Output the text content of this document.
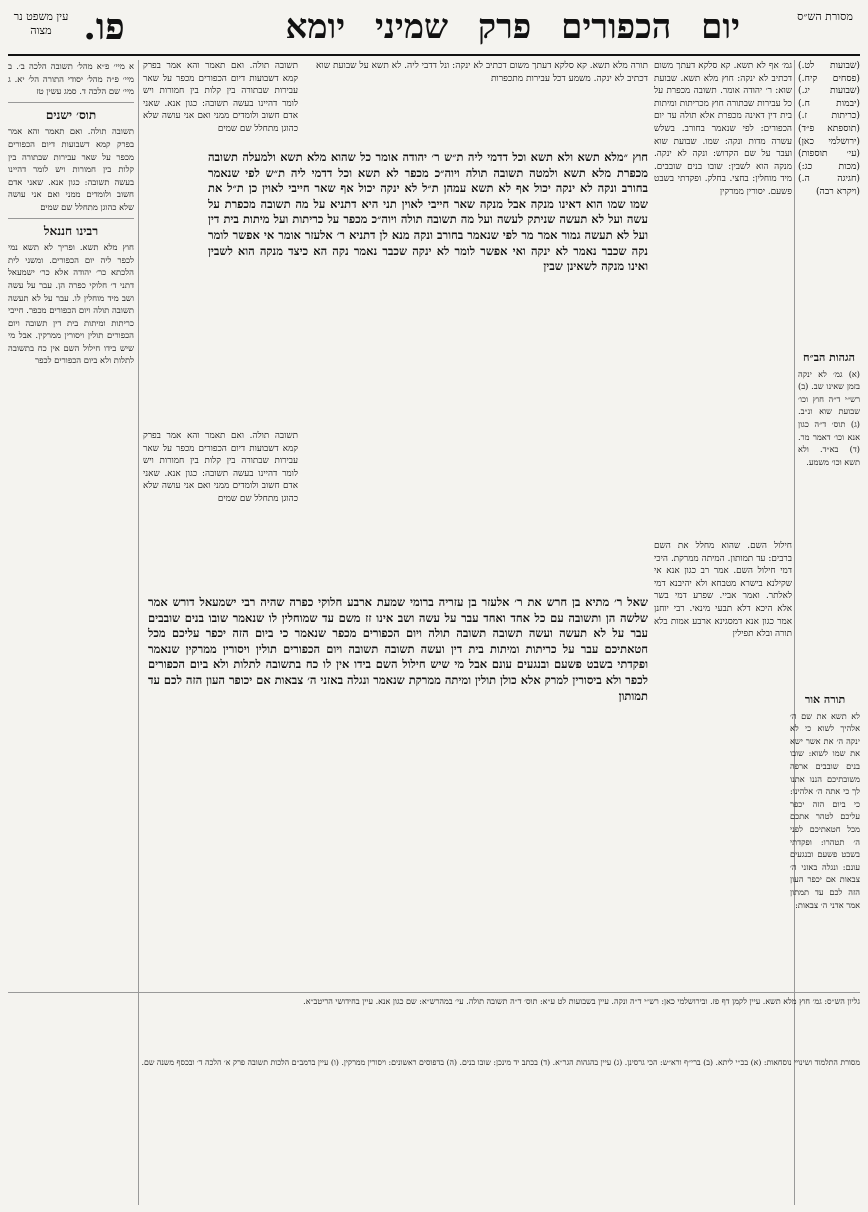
מסורת הש״ס
יום הכפורים פרק שמיני יומא
פו.
עין משפט נר מצוה
(שבועות לט.) (פסחים קיח.) (שבועות יג.) (יבמות ח.) (כריתות ז.) (תוספתא פ״ד) (ירושלמי כאן) (עי׳ תוספות) (מכות כג:) (חגיגה ה.) (ויקרא רבה)
הגהות הב״ח
(א) גמ׳ לא ינקה בזמן שאינו שב. (ב) רש״י ד״ה חוץ וכו׳ שבועת שוא ונ״ב. (ג) תוס׳ ד״ה כגון אנא וכו׳ דאמר מר. (ד) בא״ד. ולא תשא וכו׳ משמע.
תורה אור
לא תשא את שם ה׳ אלהיך לשוא כי לא ינקה ה׳ את אשר ישא את שמו לשוא: שובו בנים שובבים ארפה משובתיכם הננו אתנו לך כי אתה ה׳ אלהינו: כי ביום הזה יכפר עליכם לטהר אתכם מכל חטאתיכם לפני ה׳ תטהרו: ופקדתי בשבט פשעם ובנגעים עונם: ונגלה באזני ה׳ צבאות אם יכפר העון הזה לכם עד תמתון אמר אדני ה׳ צבאות:
גמ׳ אף לא תשא. קא סלקא דעתך משום דכתיב לא ינקה: חוץ מלא תשא. שבועת שוא: ר׳ יהודה אומר. תשובה מכפרת על כל עבירות שבתורה חוץ מכריתות ומיתות בית דין דאינה מכפרת אלא תולה עד יום הכפורים: לפי שנאמר בחורב. בשלש עשרה מדות ונקה: שמו. שבועת שוא ועבר על שם הקדוש: ונקה לא ינקה. מנקה הוא לשבין: שובו בנים שובבים. מיד מוחלין: בחצי. בחלק. ופקדתי בשבט פשעם. יסורין ממרקין
חילול השם. שהוא מחלל את השם ברבים: עד תמותון. המיתה ממרקת. היכי דמי חילול השם. אמר רב כגון אנא אי שקילנא בישרא מטבחא ולא יהיבנא דמי לאלתר. ואמר אביי. שפרע דמי בשר אלא היכא דלא תבעי מינאי. רבי יוחנן אמר כגון אנא דמסגינא ארבע אמות בלא תורה ובלא תפילין
תורה מלא תשא. קא סלקא דעתך משום דכתיב לא ינקה: ונל דדבי ליה. לא תשא על שבועת שוא דכתיב לא ינקה. משמע דכל עבירות מתכפרות
תשובה תולה. ואם תאמר והא אמר בפרק קמא דשבועות דיום הכפורים מכפר על שאר עבירות שבתורה בין קלות בין חמורות ויש לומר דהיינו בעשה תשובה: כגון אנא. שאני אדם חשוב ולומדים ממני ואם אני עושה שלא כהוגן מתחלל שם שמים
תשובה תולה. ואם תאמר והא אמר בפרק קמא דשבועות דיום הכפורים מכפר על שאר עבירות שבתורה בין קלות בין חמורות ויש לומר דהיינו בעשה תשובה: כגון אנא. שאני אדם חשוב ולומדים ממני ואם אני עושה שלא כהוגן מתחלל שם שמים
חוץ ״מלא תשא ולא תשא וכל דדמי ליה ת״ש ר׳ יהודה אומר כל שהוא מלא תשא ולמעלה תשובה מכפרת מלא תשא ולמטה תשובה תולה ויוה״כ מכפר לא תשא וכל דדמי ליה ת״ש לפי שנאמר בחורב ונקה לא ינקה יכול אף לא תשא עמהן ת״ל לא ינקה יכול אף שאר חייבי לאוין כן ת״ל את שמו שמו הוא דאינו מנקה אבל מנקה שאר חייבי לאוין תני היא דתניא על מה תשובה מכפרת על עשה ועל לא תעשה שניתק לעשה ועל מה תשובה תולה ויוה״כ מכפר על כריתות ועל מיתות בית דין ועל לא תעשה גמור אמר מר לפי שנאמר בחורב ונקה מנא לן דתניא ר׳ אלעזר אומר אי אפשר לומר נקה שכבר נאמר לא ינקה ואי אפשר לומר לא ינקה שכבר נאמר נקה הא כיצד מנקה הוא לשבין ואינו מנקה לשאינן שבין
שאל ר׳ מתיא בן חרש את ר׳ אלעזר בן עזריה ברומי שמעת ארבע חלוקי כפרה שהיה רבי ישמעאל דורש אמר שלשה הן ותשובה עם כל אחד ואחד עבר על עשה ושב אינו זז משם עד שמוחלין לו שנאמר שובו בנים שובבים עבר על לא תעשה ועשה תשובה תשובה תולה ויום הכפורים מכפר שנאמר כי ביום הזה יכפר עליכם מכל חטאתיכם עבר על כריתות ומיתות בית דין ועשה תשובה תשובה ויום הכפורים תולין ויסורין ממרקין שנאמר ופקדתי בשבט פשעם ובנגעים עונם אבל מי שיש חילול השם בידו אין לו כח בתשובה לתלות ולא ביום הכפורים לכפר ולא ביסורין למרק אלא כולן תולין ומיתה ממרקת שנאמר ונגלה באזני ה׳ צבאות אם יכופר העון הזה לכם עד תמותון
א מיי׳ פ״א מהל׳ תשובה הלכה ב׳. ב מיי׳ פ״ה מהל׳ יסודי התורה הל׳ יא. ג מיי׳ שם הלכה ד. סמג עשין טז
תוס׳ ישנים
תשובה תולה. ואם תאמר והא אמר בפרק קמא דשבועות דיום הכפורים מכפר על שאר עבירות שבתורה בין קלות בין חמורות ויש לומר דהיינו בעשה תשובה: כגון אנא. שאני אדם חשוב ולומדים ממני ואם אני עושה שלא כהוגן מתחלל שם שמים
רבינו חננאל
חוץ מלא תשא. ופריך לא תשא נמי לכפר ליה יום הכפורים. ומשני לית הלכתא כר׳ יהודה אלא כר׳ ישמעאל דתני ד׳ חלוקי כפרה הן. עבר על עשה ושב מיד מוחלין לו. עבר על לא תעשה תשובה תולה ויום הכפורים מכפר. חייבי כריתות ומיתות בית דין תשובה ויום הכפורים תולין ויסורין ממרקין. אבל מי שיש בידו חילול השם אין כח בתשובה לתלות ולא ביום הכפורים לכפר
גליון הש״ס: גמ׳ חוץ מלא תשא. עיין לקמן דף פז. ובירושלמי כאן: רש״י ד״ה ונקה. עיין בשבועות לט ע״א: תוס׳ ד״ה תשובה תולה. עי׳ במהרש״א: שם כגון אנא. עיין בחידושי הריטב״א.
מסורת התלמוד ושינויי נוסחאות: (א) בכ״י ליתא. (ב) ברי״ף ורא״ש: הכי גרסינן. (ג) עיין בהגהות הגר״א. (ד) בכתב יד מינכן: שובו בנים. (ה) בדפוסים ראשונים: ויסורין ממרקין. (ו) עיין ברמב״ם הלכות תשובה פרק א׳ הלכה ד׳ ובכסף משנה שם.
